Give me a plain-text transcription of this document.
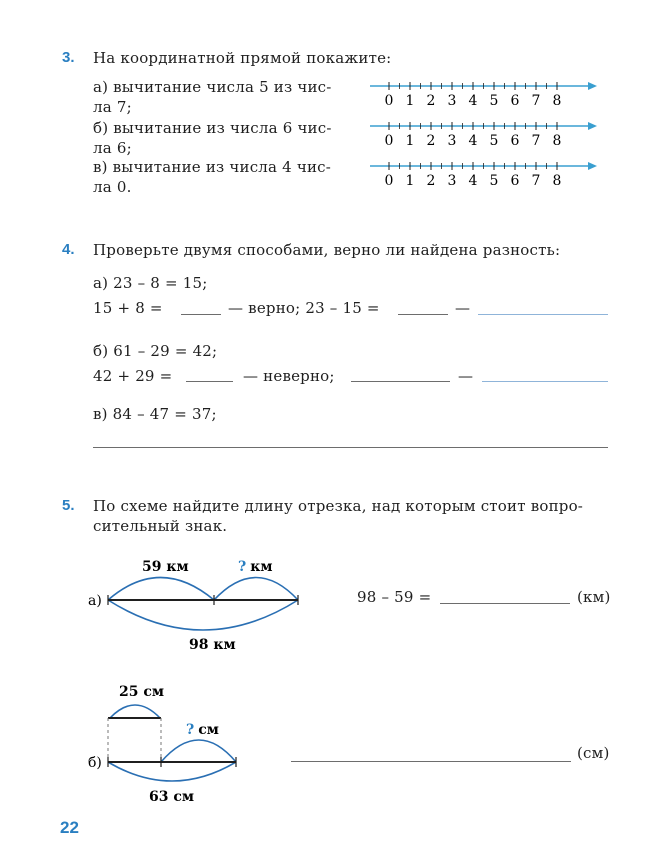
3. На координатной прямой покажите:
а) вычитание числа 5 из чис-
ла 7;
б) вычитание из числа 6 чис-
ла 6;
в) вычитание из числа 4 чис-
ла 0.
0 1 2 3 4 5 6 7 8
0 1 2 3 4 5 6 7 8
0 1 2 3 4 5 6 7 8
4. Проверьте двумя способами, верно ли найдена разность:
а) 23 – 8 = 15;
15 + 8 =	— верно; 23 – 15 =	—
б) 61 – 29 = 42;
42 + 29 =	— неверно;	—
в) 84 – 47 = 37;
5. По схеме найдите длину отрезка, над которым стоит вопро-
сительный знак.
59 км	? км
98 км
а)
25 см
? см
63 см
б)
98 – 59 =	(км)
(см)
22
